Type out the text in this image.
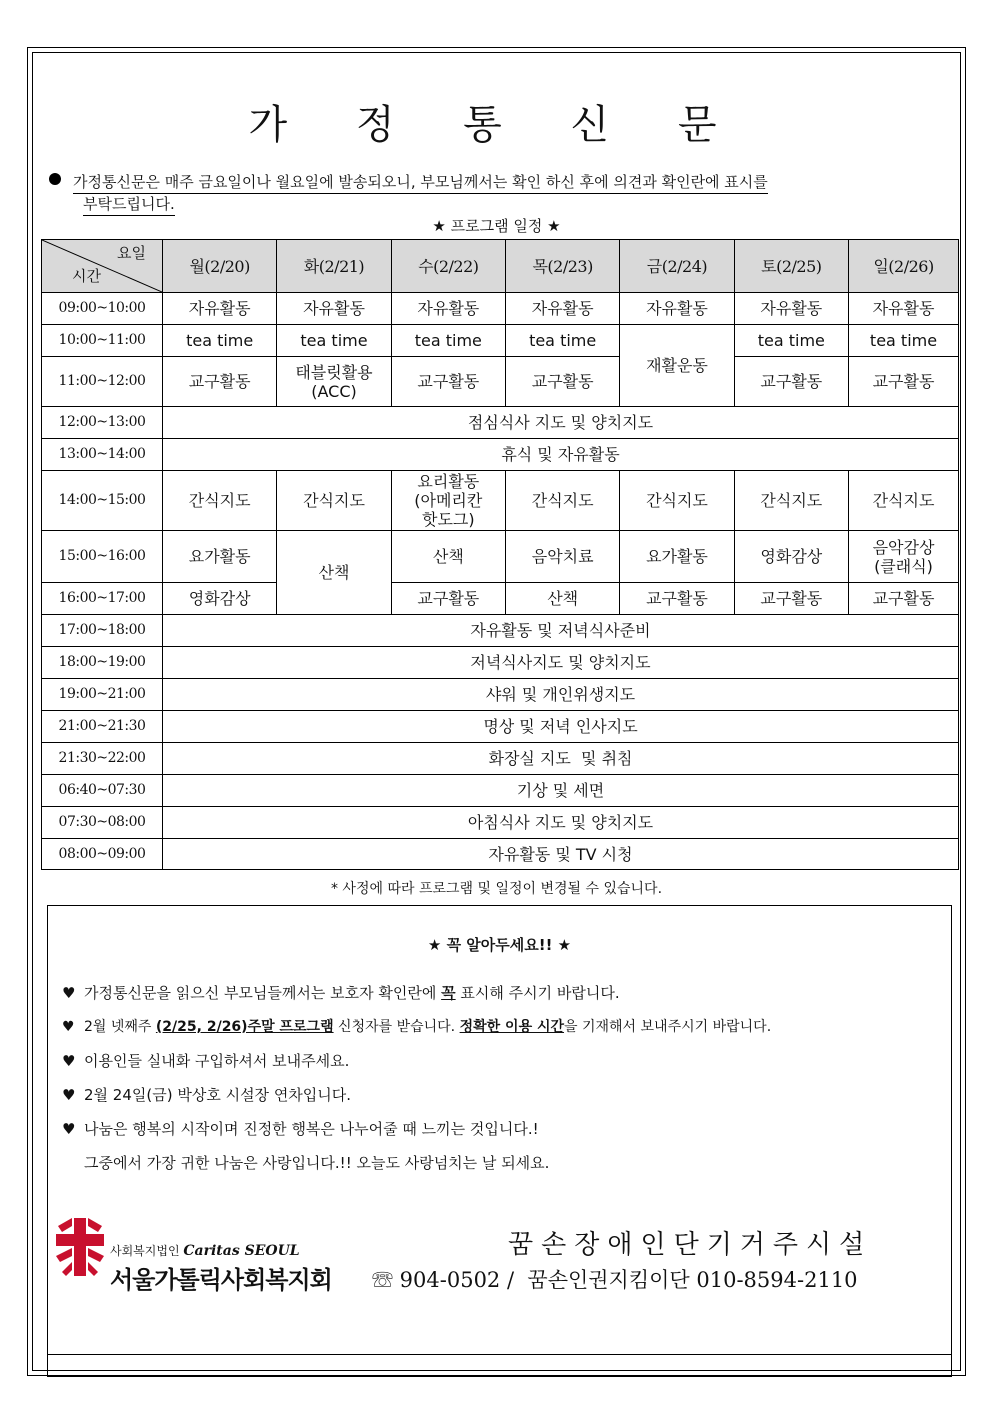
가 정 통 신 문
가정통신문은 매주 금요일이나 월요일에 발송되오니, 부모님께서는 확인 하신 후에 의견과 확인란에 표시를
부탁드립니다.
★ 프로그램 일정 ★
요일
시간	월(2/20)	화(2/21)	수(2/22)	목(2/23)	금(2/24)	토(2/25)	일(2/26)
09:00~10:00	자유활동	자유활동	자유활동	자유활동	자유활동	자유활동	자유활동
10:00~11:00	tea time	tea time	tea time	tea time	재활운동	tea time	tea time
11:00~12:00	교구활동	태블릿활용
(ACC)	교구활동	교구활동		교구활동	교구활동
12:00~13:00	점심식사 지도 및 양치지도						
13:00~14:00	휴식 및 자유활동						
14:00~15:00	간식지도	간식지도	요리활동
(아메리칸
핫도그)	간식지도	간식지도	간식지도	간식지도
15:00~16:00	요가활동	산책	산책	음악치료	요가활동	영화감상	음악감상
(클래식)
16:00~17:00	영화감상		교구활동	산책	교구활동	교구활동	교구활동
17:00~18:00	자유활동 및 저녁식사준비						
18:00~19:00	저녁식사지도 및 양치지도						
19:00~21:00	샤워 및 개인위생지도						
21:00~21:30	명상 및 저녁 인사지도						
21:30~22:00	화장실 지도  및 취침						
06:40~07:30	기상 및 세면						
07:30~08:00	아침식사 지도 및 양치지도						
08:00~09:00	자유활동 및 TV 시청						
* 사정에 따라 프로그램 및 일정이 변경될 수 있습니다.
★ 꼭 알아두세요!! ★
♥ 가정통신문을 읽으신 부모님들께서는 보호자 확인란에 꼭 표시해 주시기 바랍니다.
♥ 2월 넷째주 (2/25, 2/26)주말 프로그램 신청자를 받습니다. 정확한 이용 시간을 기재해서 보내주시기 바랍니다.
♥ 이용인들 실내화 구입하셔서 보내주세요.
♥ 2월 24일(금) 박상호 시설장 연차입니다.
♥ 나눔은 행복의 시작이며 진정한 행복은 나누어줄 때 느끼는 것입니다.!
그중에서 가장 귀한 나눔은 사랑입니다.!! 오늘도 사랑넘치는 날 되세요.
사회복지법인 Caritas SEOUL
서울가톨릭사회복지회
꿈손장애인단기거주시설
☏ 904-0502 /  꿈손인권지킴이단 010-8594-2110
